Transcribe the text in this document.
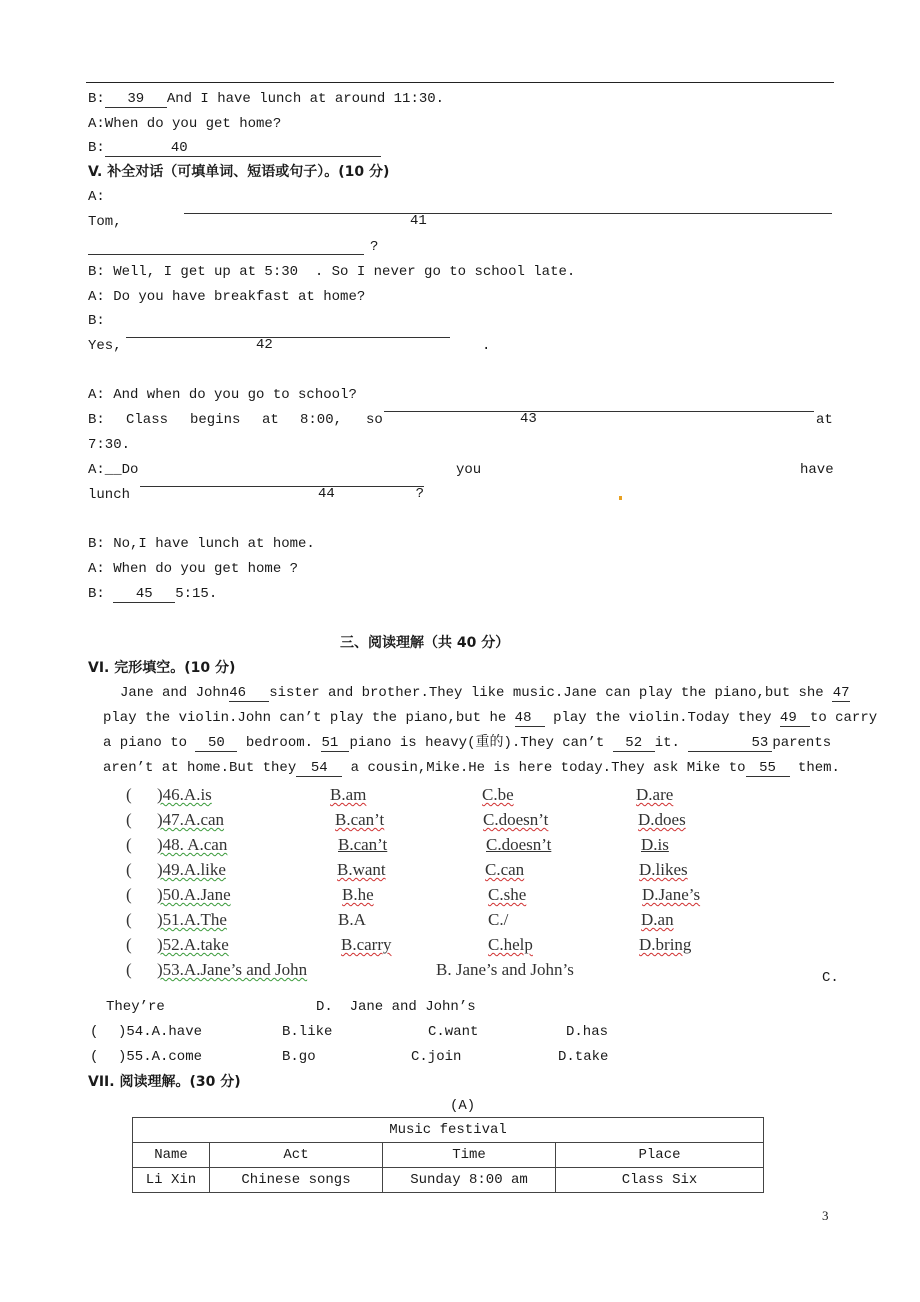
B: 39 And I have lunch at around 11:30.
A:When do you get home?
B:	40
V. 补全对话（可填单词、短语或句子）。(10 分)
A:
Tom,	41
?
B: Well, I get up at 5:30  . So I never go to school late.
A: Do you have breakfast at home?
B:
Yes,	42	.
A: And when do you go to school?
B: Class begins at 8:00, so	43	at
7:30.
A:__Do	you	have
lunch	44	?
B: No,I have lunch at home.
A: When do you get home ?
B: 45 5:15.
三、阅读理解（共 40 分）
VI. 完形填空。(10 分)
Jane and John46 sister and brother.They like music.Jane can play the piano,but she 47
play the violin.John can’t play the piano,but he 48 play the violin.Today they 49 to carry
a piano to 50 bedroom. 51 piano is heavy(重的).They can’t 52 it.	53 parents
aren’t at home.But they 54 a cousin,Mike.He is here today.They ask Mike to 55 them.
( )46.A.is	B.am	C.be	D.are
( )47.A.can	B.can’t	C.doesn’t	D.does
( )48. A.can	B.can’t	C.doesn’t	D.is
( )49.A.like	B.want	C.can	D.likes
( )50.A.Jane	B.he	C.she	D.Jane’s
( )51.A.The	B.A	C./	D.an
( )52.A.take	B.carry	C.help	D.bring
( )53.A.Jane’s and John	B. Jane’s and John’s	C.
They’re	D.  Jane and John’s
( )54.A.have	B.like	C.want	D.has
( )55.A.come	B.go	C.join	D.take
VII. 阅读理解。(30 分)
(A)
Music festival			
Name	Act	Time	Place
Li Xin	Chinese songs	Sunday 8:00 am	Class Six
3
